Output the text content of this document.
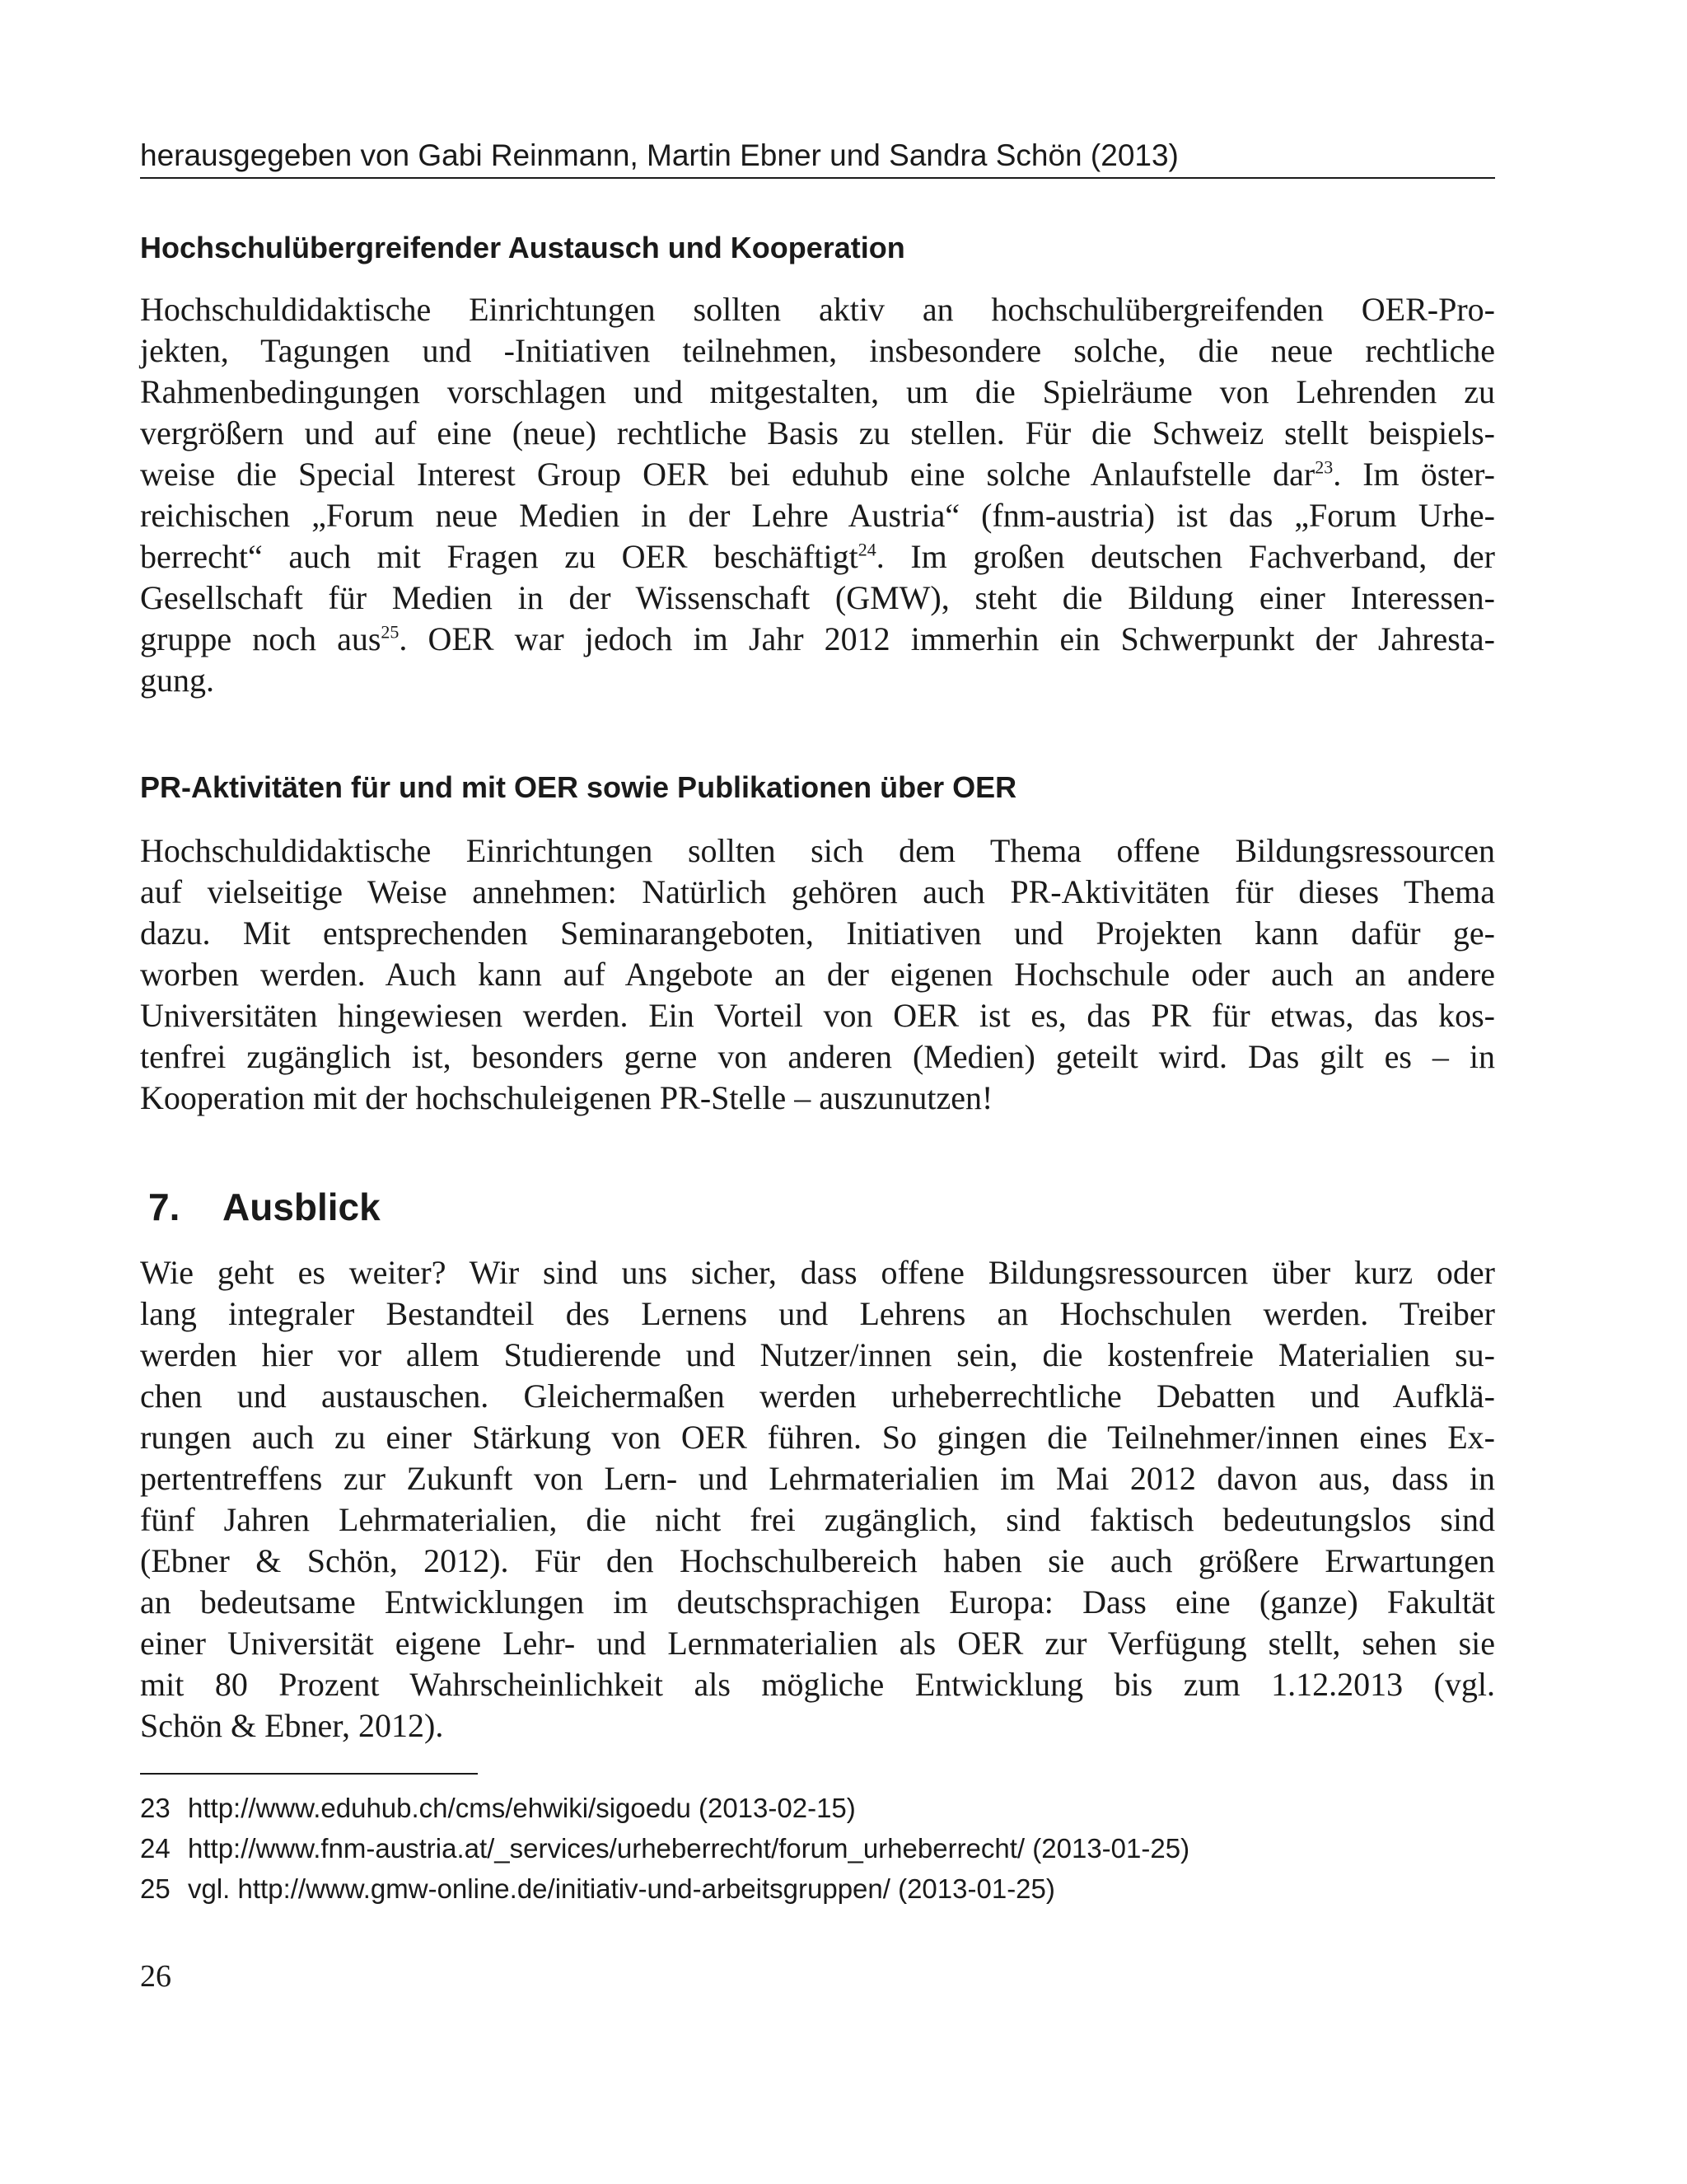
herausgegeben von Gabi Reinmann, Martin Ebner und Sandra Schön (2013)
Hochschulübergreifender Austausch und Kooperation
Hochschuldidaktische Einrichtungen sollten aktiv an hochschulübergreifenden OER-Pro-
jekten, Tagungen und -Initiativen teilnehmen, insbesondere solche, die neue rechtliche
Rahmenbedingungen vorschlagen und mitgestalten, um die Spielräume von Lehrenden zu
vergrößern und auf eine (neue) rechtliche Basis zu stellen. Für die Schweiz stellt beispiels-
weise die Special Interest Group OER bei eduhub eine solche Anlaufstelle dar$^{23}$. Im öster-
reichischen „Forum neue Medien in der Lehre Austria“ (fnm-austria) ist das „Forum Urhe-
berrecht“ auch mit Fragen zu OER beschäftigt$^{24}$. Im großen deutschen Fachverband, der
Gesellschaft für Medien in der Wissenschaft (GMW), steht die Bildung einer Interessen-
gruppe noch aus$^{25}$. OER war jedoch im Jahr 2012 immerhin ein Schwerpunkt der Jahresta-
gung.
PR-Aktivitäten für und mit OER sowie Publikationen über OER
Hochschuldidaktische Einrichtungen sollten sich dem Thema offene Bildungsressourcen
auf vielseitige Weise annehmen: Natürlich gehören auch PR-Aktivitäten für dieses Thema
dazu. Mit entsprechenden Seminarangeboten, Initiativen und Projekten kann dafür ge-
worben werden. Auch kann auf Angebote an der eigenen Hochschule oder auch an andere
Universitäten hingewiesen werden. Ein Vorteil von OER ist es, das PR für etwas, das kos-
tenfrei zugänglich ist, besonders gerne von anderen (Medien) geteilt wird. Das gilt es – in
Kooperation mit der hochschuleigenen PR-Stelle – auszunutzen!
7. Ausblick
Wie geht es weiter? Wir sind uns sicher, dass offene Bildungsressourcen über kurz oder
lang integraler Bestandteil des Lernens und Lehrens an Hochschulen werden. Treiber
werden hier vor allem Studierende und Nutzer/innen sein, die kostenfreie Materialien su-
chen und austauschen. Gleichermaßen werden urheberrechtliche Debatten und Aufklä-
rungen auch zu einer Stärkung von OER führen. So gingen die Teilnehmer/innen eines Ex-
pertentreffens zur Zukunft von Lern- und Lehrmaterialien im Mai 2012 davon aus, dass in
fünf Jahren Lehrmaterialien, die nicht frei zugänglich, sind faktisch bedeutungslos sind
(Ebner & Schön, 2012). Für den Hochschulbereich haben sie auch größere Erwartungen
an bedeutsame Entwicklungen im deutschsprachigen Europa: Dass eine (ganze) Fakultät
einer Universität eigene Lehr- und Lernmaterialien als OER zur Verfügung stellt, sehen sie
mit 80 Prozent Wahrscheinlichkeit als mögliche Entwicklung bis zum 1.12.2013 (vgl.
Schön & Ebner, 2012).
23 http://www.eduhub.ch/cms/ehwiki/sigoedu (2013-02-15)
24 http://www.fnm-austria.at/_services/urheberrecht/forum_urheberrecht/ (2013-01-25)
25 vgl. http://www.gmw-online.de/initiativ-und-arbeitsgruppen/ (2013-01-25)
26
